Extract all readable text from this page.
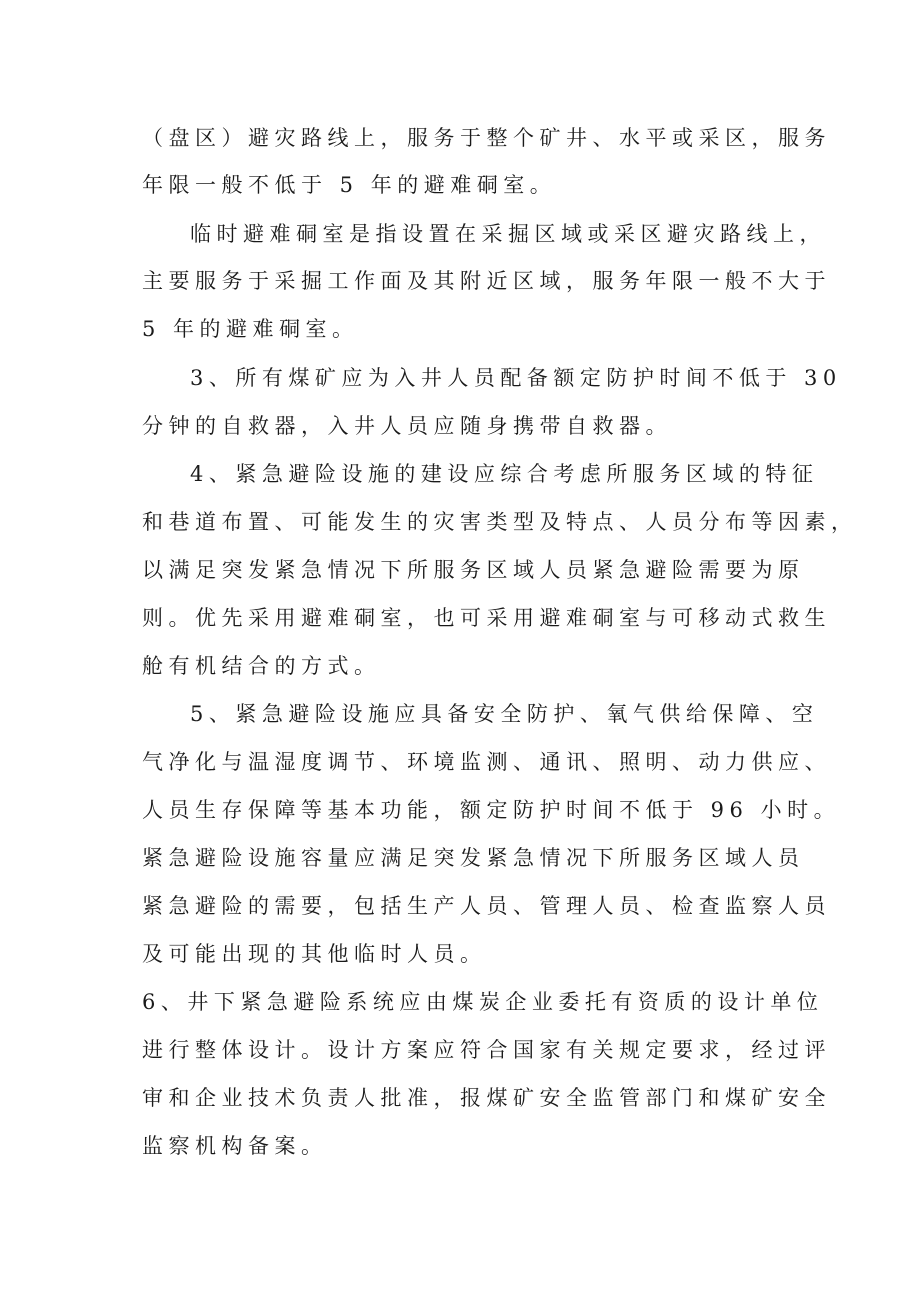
（盘区）避灾路线上，服务于整个矿井、水平或采区，服务
年限一般不低于 5 年的避难硐室。
临时避难硐室是指设置在采掘区域或采区避灾路线上，
主要服务于采掘工作面及其附近区域，服务年限一般不大于
5 年的避难硐室。
3、所有煤矿应为入井人员配备额定防护时间不低于 30
分钟的自救器，入井人员应随身携带自救器。
4、紧急避险设施的建设应综合考虑所服务区域的特征
和巷道布置、可能发生的灾害类型及特点、人员分布等因素，
以满足突发紧急情况下所服务区域人员紧急避险需要为原
则。优先采用避难硐室，也可采用避难硐室与可移动式救生
舱有机结合的方式。
5、紧急避险设施应具备安全防护、氧气供给保障、空
气净化与温湿度调节、环境监测、通讯、照明、动力供应、
人员生存保障等基本功能，额定防护时间不低于 96 小时。
紧急避险设施容量应满足突发紧急情况下所服务区域人员
紧急避险的需要，包括生产人员、管理人员、检查监察人员
及可能出现的其他临时人员。
6、井下紧急避险系统应由煤炭企业委托有资质的设计单位
进行整体设计。设计方案应符合国家有关规定要求，经过评
审和企业技术负责人批准，报煤矿安全监管部门和煤矿安全
监察机构备案。
